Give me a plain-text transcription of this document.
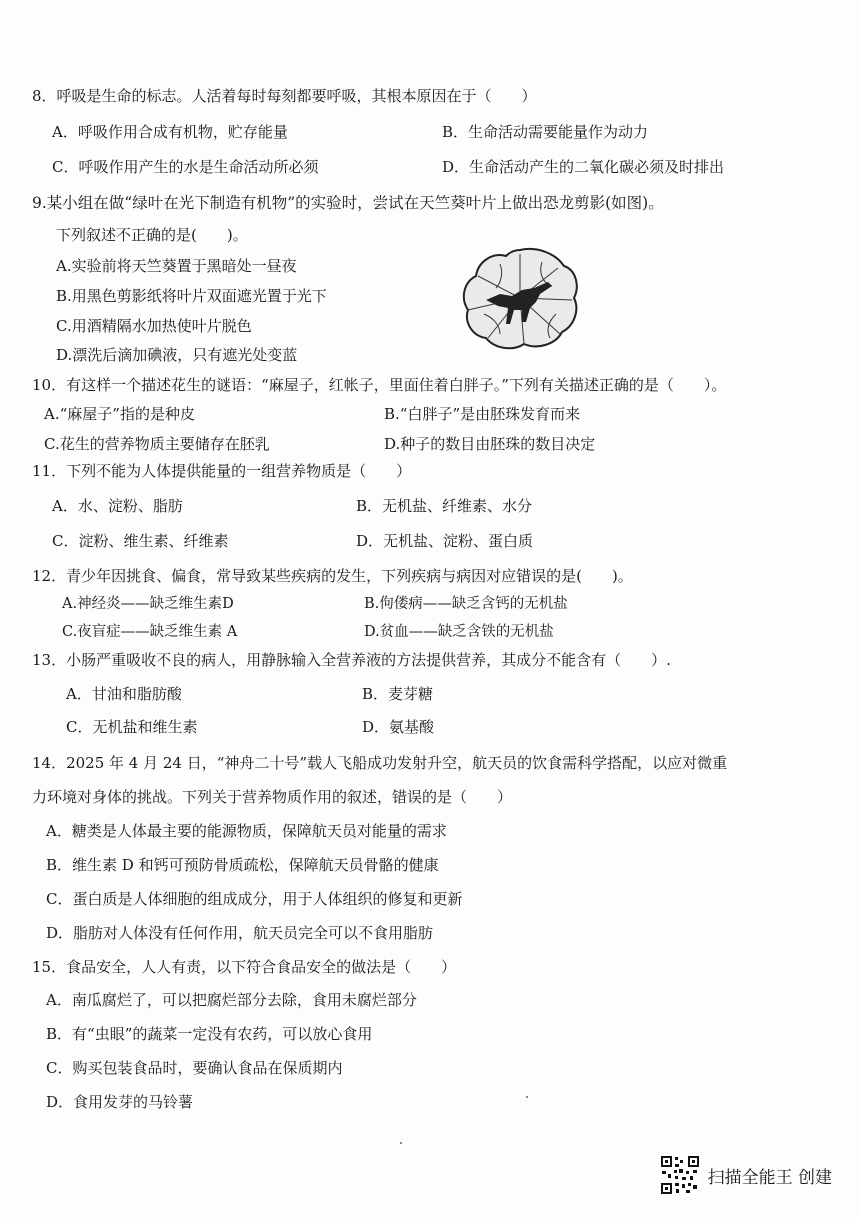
8．呼吸是生命的标志。人活着每时每刻都要呼吸，其根本原因在于（　　）
A．呼吸作用合成有机物，贮存能量	B．生命活动需要能量作为动力
C．呼吸作用产生的水是生命活动所必须	D．生命活动产生的二氧化碳必须及时排出
9.某小组在做“绿叶在光下制造有机物”的实验时，尝试在天竺葵叶片上做出恐龙剪影(如图)。
下列叙述不正确的是(　　)。
A.实验前将天竺葵置于黑暗处一昼夜
B.用黑色剪影纸将叶片双面遮光置于光下
C.用酒精隔水加热使叶片脱色
D.漂洗后滴加碘液，只有遮光处变蓝
10．有这样一个描述花生的谜语：“麻屋子，红帐子，里面住着白胖子。”下列有关描述正确的是（　　）。
A.“麻屋子”指的是种皮	B.“白胖子”是由胚珠发育而来
C.花生的营养物质主要储存在胚乳	D.种子的数目由胚珠的数目决定
11．下列不能为人体提供能量的一组营养物质是（　　）
A．水、淀粉、脂肪	B．无机盐、纤维素、水分
C．淀粉、维生素、纤维素	D．无机盐、淀粉、蛋白质
12．青少年因挑食、偏食，常导致某些疾病的发生，下列疾病与病因对应错误的是(　　)。
A.神经炎——缺乏维生素D	B.佝偻病——缺乏含钙的无机盐
C.夜盲症——缺乏维生素 A	D.贫血——缺乏含铁的无机盐
13．小肠严重吸收不良的病人，用静脉输入全营养液的方法提供营养，其成分不能含有（　　）.
A．甘油和脂肪酸	B．麦芽糖
C．无机盐和维生素	D．氨基酸
14．2025 年 4 月 24 日，“神舟二十号”载人飞船成功发射升空，航天员的饮食需科学搭配，以应对微重
力环境对身体的挑战。下列关于营养物质作用的叙述，错误的是（　　）
A．糖类是人体最主要的能源物质，保障航天员对能量的需求
B．维生素 D 和钙可预防骨质疏松，保障航天员骨骼的健康
C．蛋白质是人体细胞的组成成分，用于人体组织的修复和更新
D．脂肪对人体没有任何作用，航天员完全可以不食用脂肪
15．食品安全，人人有责，以下符合食品安全的做法是（　　）
A．南瓜腐烂了，可以把腐烂部分去除，食用未腐烂部分
B．有“虫眼”的蔬菜一定没有农药，可以放心食用
C．购买包装食品时，要确认食品在保质期内
D．食用发芽的马铃薯
扫描全能王 创建
